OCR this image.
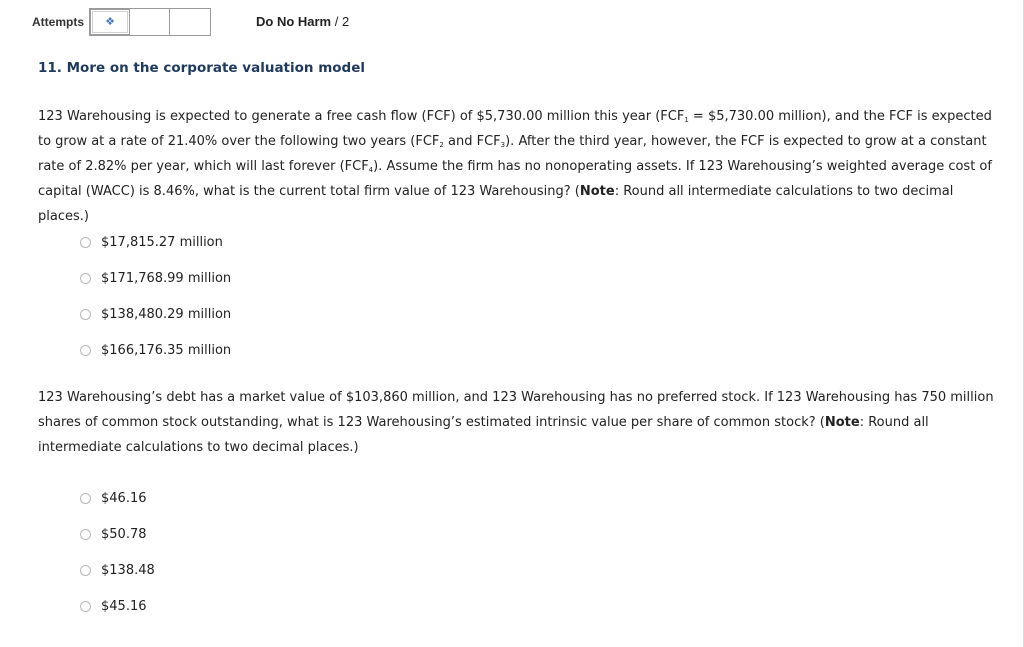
Attempts ❖	Do No Harm / 2
11. More on the corporate valuation model
123 Warehousing is expected to generate a free cash flow (FCF) of $5,730.00 million this year ($FCF_1$ = $5,730.00 million), and the FCF is expected to grow at a rate of 21.40% over the following two years ($FCF_2$ and $FCF_3$). After the third year, however, the FCF is expected to grow at a constant rate of 2.82% per year, which will last forever $(FCF_4)$. Assume the firm has no nonoperating assets. If 123 Warehousing’s weighted average cost of capital (WACC) is 8.46%, what is the current total firm value of 123 Warehousing? (Note: Round all intermediate calculations to two decimal places.)
$17,815.27 million
$171,768.99 million
$138,480.29 million
$166,176.35 million
123 Warehousing’s debt has a market value of $103,860 million, and 123 Warehousing has no preferred stock. If 123 Warehousing has 750 million shares of common stock outstanding, what is 123 Warehousing’s estimated intrinsic value per share of common stock? (Note: Round all intermediate calculations to two decimal places.)
$46.16
$50.78
$138.48
$45.16
